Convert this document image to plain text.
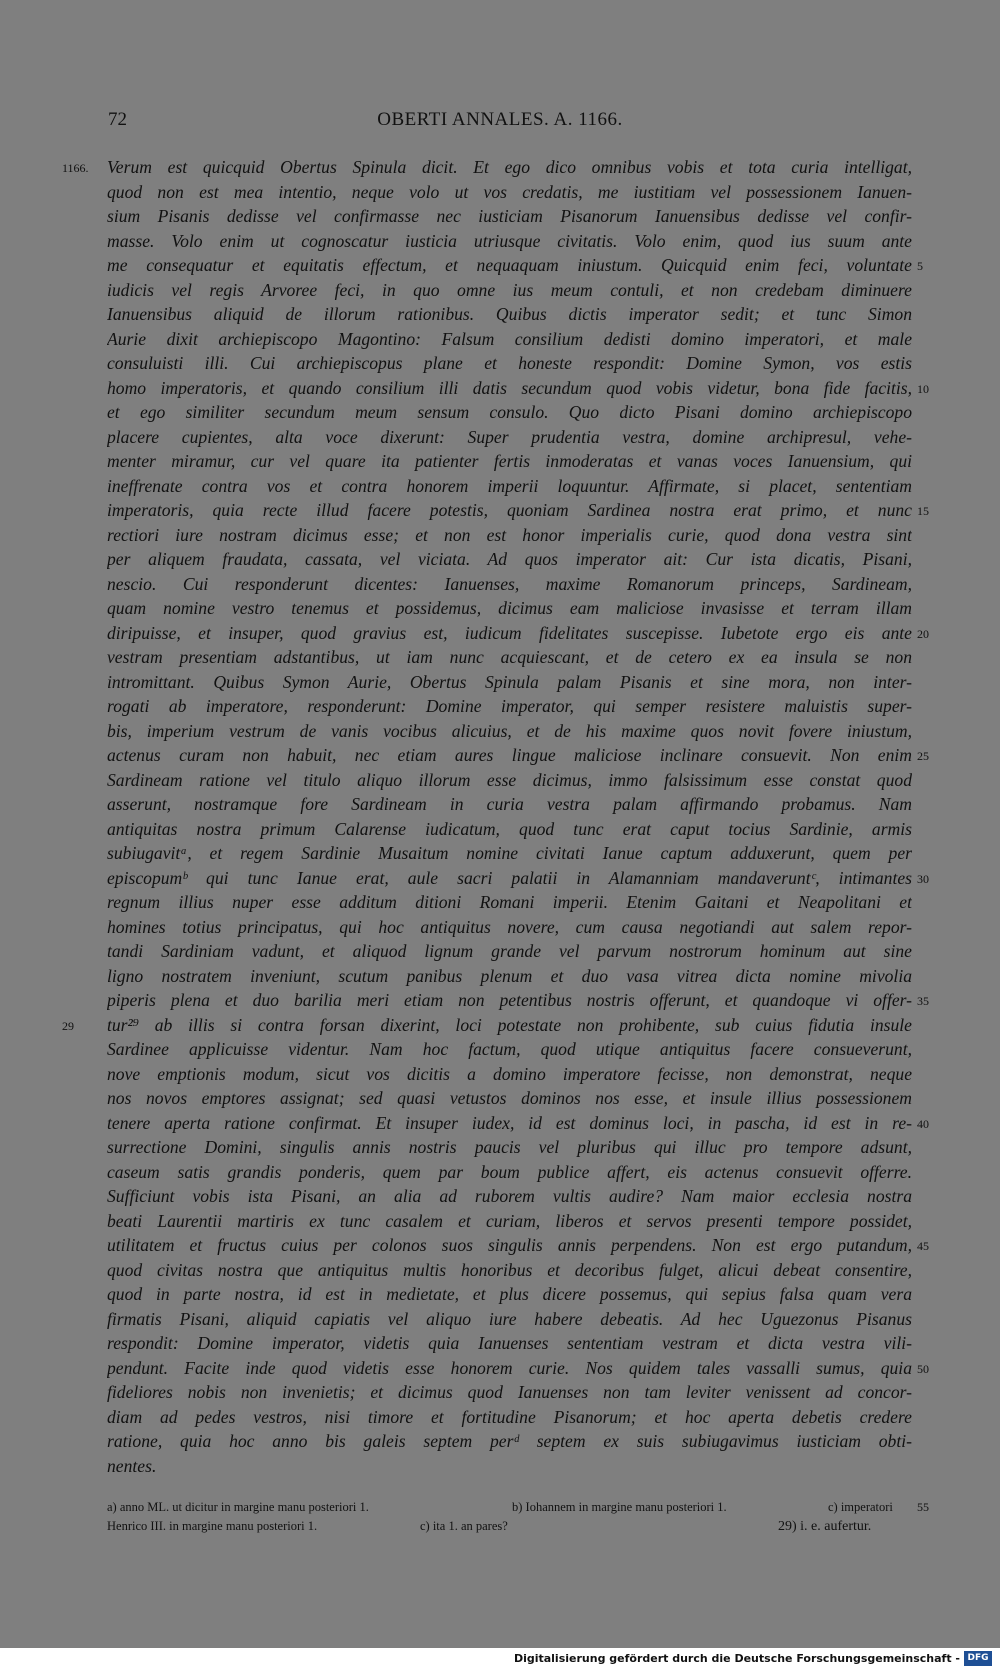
72	OBERTI ANNALES. A. 1166.
1166. Verum est quicquid Obertus Spinula dicit. Et ego dico omnibus vobis et tota curia intelligat,
quod non est mea intentio, neque volo ut vos credatis, me iustitiam vel possessionem Ianuen-
sium Pisanis dedisse vel confirmasse nec iusticiam Pisanorum Ianuensibus dedisse vel confir-
masse. Volo enim ut cognoscatur iusticia utriusque civitatis. Volo enim, quod ius suum ante
me consequatur et equitatis effectum, et nequaquam iniustum. Quicquid enim feci, voluntate 5
iudicis vel regis Arvoree feci, in quo omne ius meum contuli, et non credebam diminuere
Ianuensibus aliquid de illorum rationibus. Quibus dictis imperator sedit; et tunc Simon
Aurie dixit archiepiscopo Magontino: Falsum consilium dedisti domino imperatori, et male
consuluisti illi. Cui archiepiscopus plane et honeste respondit: Domine Symon, vos estis
homo imperatoris, et quando consilium illi datis secundum quod vobis videtur, bona fide facitis, 10
et ego similiter secundum meum sensum consulo. Quo dicto Pisani domino archiepiscopo
placere cupientes, alta voce dixerunt: Super prudentia vestra, domine archipresul, vehe-
menter miramur, cur vel quare ita patienter fertis inmoderatas et vanas voces Ianuensium, qui
ineffrenate contra vos et contra honorem imperii loquuntur. Affirmate, si placet, sententiam
imperatoris, quia recte illud facere potestis, quoniam Sardinea nostra erat primo, et nunc 15
rectiori iure nostram dicimus esse; et non est honor imperialis curie, quod dona vestra sint
per aliquem fraudata, cassata, vel viciata. Ad quos imperator ait: Cur ista dicatis, Pisani,
nescio. Cui responderunt dicentes: Ianuenses, maxime Romanorum princeps, Sardineam,
quam nomine vestro tenemus et possidemus, dicimus eam maliciose invasisse et terram illam
diripuisse, et insuper, quod gravius est, iudicum fidelitates suscepisse. Iubetote ergo eis ante 20
vestram presentiam adstantibus, ut iam nunc acquiescant, et de cetero ex ea insula se non
intromittant. Quibus Symon Aurie, Obertus Spinula palam Pisanis et sine mora, non inter-
rogati ab imperatore, responderunt: Domine imperator, qui semper resistere maluistis super-
bis, imperium vestrum de vanis vocibus alicuius, et de his maxime quos novit fovere iniustum,
actenus curam non habuit, nec etiam aures lingue maliciose inclinare consuevit. Non enim 25
Sardineam ratione vel titulo aliquo illorum esse dicimus, immo falsissimum esse constat quod
asserunt, nostramque fore Sardineam in curia vestra palam affirmando probamus. Nam
antiquitas nostra primum Calarense iudicatum, quod tunc erat caput tocius Sardinie, armis
subiugavitᵃ, et regem Sardinie Musaitum nomine civitati Ianue captum adduxerunt, quem per
episcopumᵇ qui tunc Ianue erat, aule sacri palatii in Alamanniam mandaveruntᶜ, intimantes 30
regnum illius nuper esse additum ditioni Romani imperii. Etenim Gaitani et Neapolitani et
homines totius principatus, qui hoc antiquitus novere, cum causa negotiandi aut salem repor-
tandi Sardiniam vadunt, et aliquod lignum grande vel parvum nostrorum hominum aut sine
ligno nostratem inveniunt, scutum panibus plenum et duo vasa vitrea dicta nomine mivolia
piperis plena et duo barilia meri etiam non petentibus nostris offerunt, et quandoque vi offer- 35
29 tur²⁹ ab illis si contra forsan dixerint, loci potestate non prohibente, sub cuius fidutia insule
Sardinee applicuisse videntur. Nam hoc factum, quod utique antiquitus facere consueverunt,
nove emptionis modum, sicut vos dicitis a domino imperatore fecisse, non demonstrat, neque
nos novos emptores assignat; sed quasi vetustos dominos nos esse, et insule illius possessionem
tenere aperta ratione confirmat. Et insuper iudex, id est dominus loci, in pascha, id est in re- 40
surrectione Domini, singulis annis nostris paucis vel pluribus qui illuc pro tempore adsunt,
caseum satis grandis ponderis, quem par boum publice affert, eis actenus consuevit offerre.
Sufficiunt vobis ista Pisani, an alia ad ruborem vultis audire? Nam maior ecclesia nostra
beati Laurentii martiris ex tunc casalem et curiam, liberos et servos presenti tempore possidet,
utilitatem et fructus cuius per colonos suos singulis annis perpendens. Non est ergo putandum, 45
quod civitas nostra que antiquitus multis honoribus et decoribus fulget, alicui debeat consentire,
quod in parte nostra, id est in medietate, et plus dicere possemus, qui sepius falsa quam vera
firmatis Pisani, aliquid capiatis vel aliquo iure habere debeatis. Ad hec Uguezonus Pisanus
respondit: Domine imperator, videtis quia Ianuenses sententiam vestram et dicta vestra vili-
pendunt. Facite inde quod videtis esse honorem curie. Nos quidem tales vassalli sumus, quia 50
fideliores nobis non invenietis; et dicimus quod Ianuenses non tam leviter venissent ad concor-
diam ad pedes vestros, nisi timore et fortitudine Pisanorum; et hoc aperta debetis credere
ratione, quia hoc anno bis galeis septem perᵈ septem ex suis subiugavimus iusticiam obti-
nentes.
a) anno ML. ut dicitur in margine manu posteriori 1.	b) Iohannem in margine manu posteriori 1.	c) imperatori 55
Henrico III. in margine manu posteriori 1.	c) ita 1. an pares?	29) i. e. aufertur.
Digitalisierung gefördert durch die Deutsche Forschungsgemeinschaft - DFG
